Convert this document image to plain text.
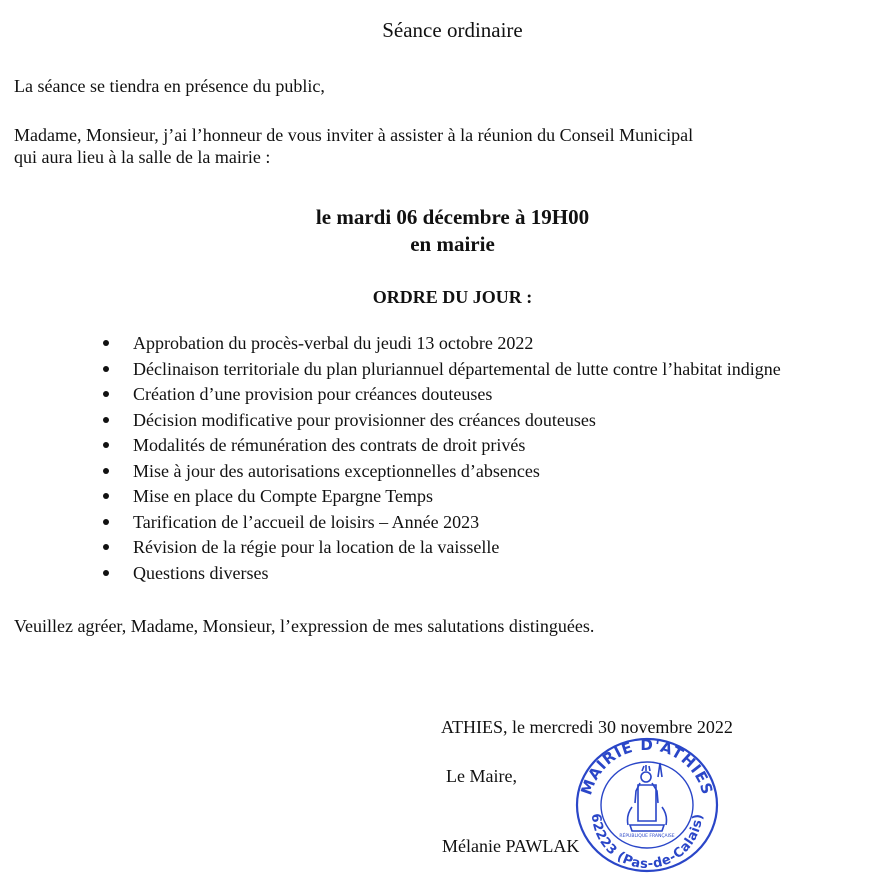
Séance ordinaire
La séance se tiendra en présence du public,
Madame, Monsieur, j’ai l’honneur de vous inviter à assister à la réunion du Conseil Municipal
qui aura lieu à la salle de la mairie :
le mardi 06 décembre à 19H00
en mairie
ORDRE DU JOUR :
Approbation du procès-verbal du jeudi 13 octobre 2022
Déclinaison territoriale du plan pluriannuel départemental de lutte contre l’habitat indigne
Création d’une provision pour créances douteuses
Décision modificative pour provisionner des créances douteuses
Modalités de rémunération des contrats de droit privés
Mise à jour des autorisations exceptionnelles d’absences
Mise en place du Compte Epargne Temps
Tarification de l’accueil de loisirs – Année 2023
Révision de la régie pour la location de la vaisselle
Questions diverses
Veuillez agréer, Madame, Monsieur, l’expression de mes salutations distinguées.
ATHIES, le mercredi 30 novembre 2022
Le Maire,
Mélanie PAWLAK
MAIRIE D'ATHIES
62223 (Pas-de-Calais)
RÉPUBLIQUE FRANÇAISE
